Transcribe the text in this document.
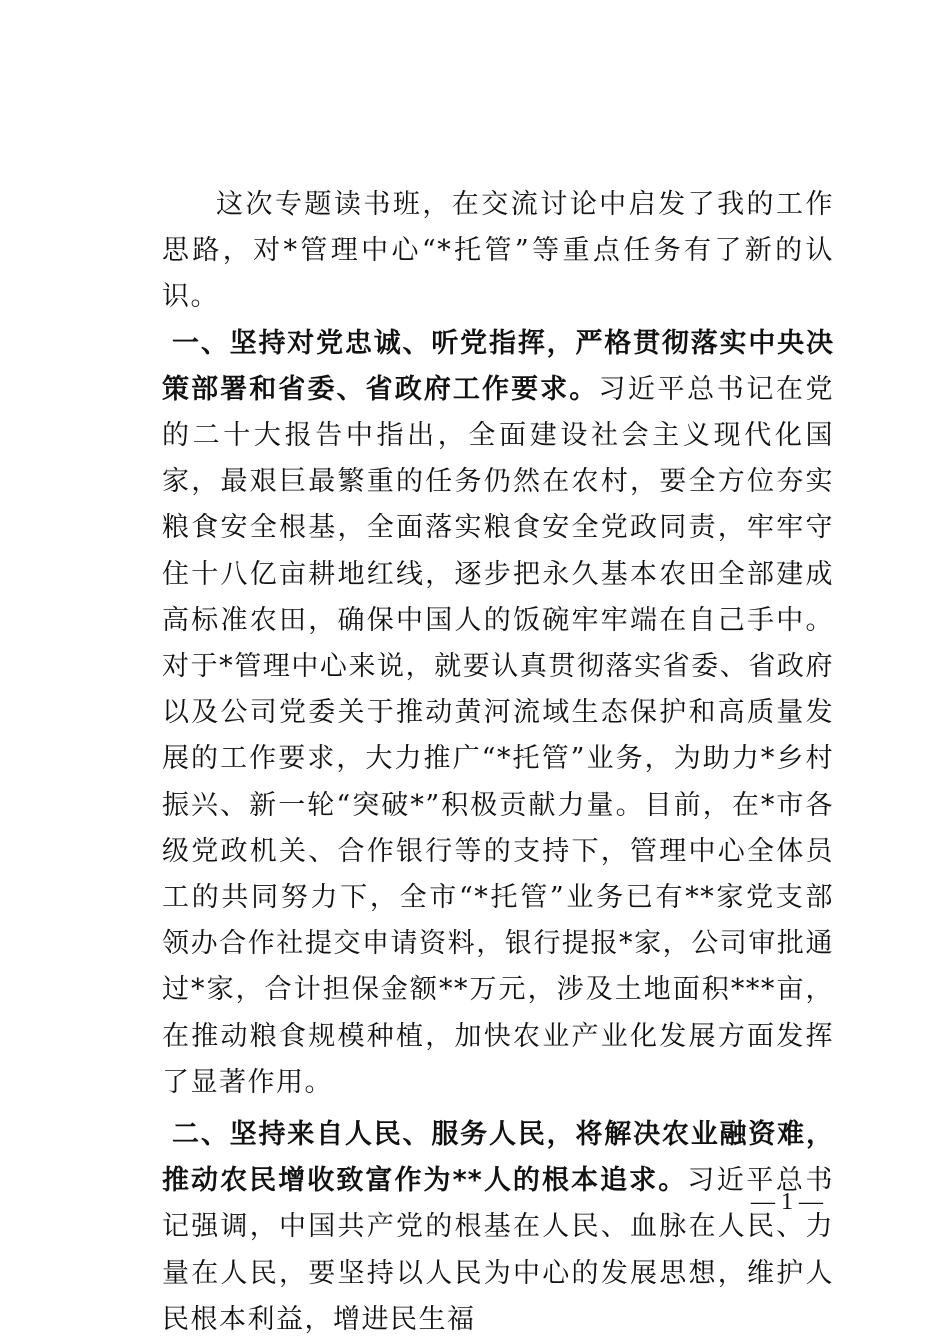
这次专题读书班，在交流讨论中启发了我的工作思路，对*管理中心“*托管”等重点任务有了新的认识。

一、坚持对党忠诚、听党指挥，严格贯彻落实中央决策部署和省委、省政府工作要求。习近平总书记在党的二十大报告中指出，全面建设社会主义现代化国家，最艰巨最繁重的任务仍然在农村，要全方位夯实粮食安全根基，全面落实粮食安全党政同责，牢牢守住十八亿亩耕地红线，逐步把永久基本农田全部建成高标准农田，确保中国人的饭碗牢牢端在自己手中。对于*管理中心来说，就要认真贯彻落实省委、省政府以及公司党委关于推动黄河流域生态保护和高质量发展的工作要求，大力推广“*托管”业务，为助力*乡村振兴、新一轮“突破*”积极贡献力量。目前，在*市各级党政机关、合作银行等的支持下，管理中心全体员工的共同努力下，全市“*托管”业务已有**家党支部领办合作社提交申请资料，银行提报*家，公司审批通过*家，合计担保金额**万元，涉及土地面积***亩，在推动粮食规模种植，加快农业产业化发展方面发挥了显著作用。

二、坚持来自人民、服务人民，将解决农业融资难，推动农民增收致富作为**人的根本追求。习近平总书记强调，中国共产党的根基在人民、血脉在人民、力量在人民，要坚持以人民为中心的发展思想，维护人民根本利益，增进民生福

— 1 —
